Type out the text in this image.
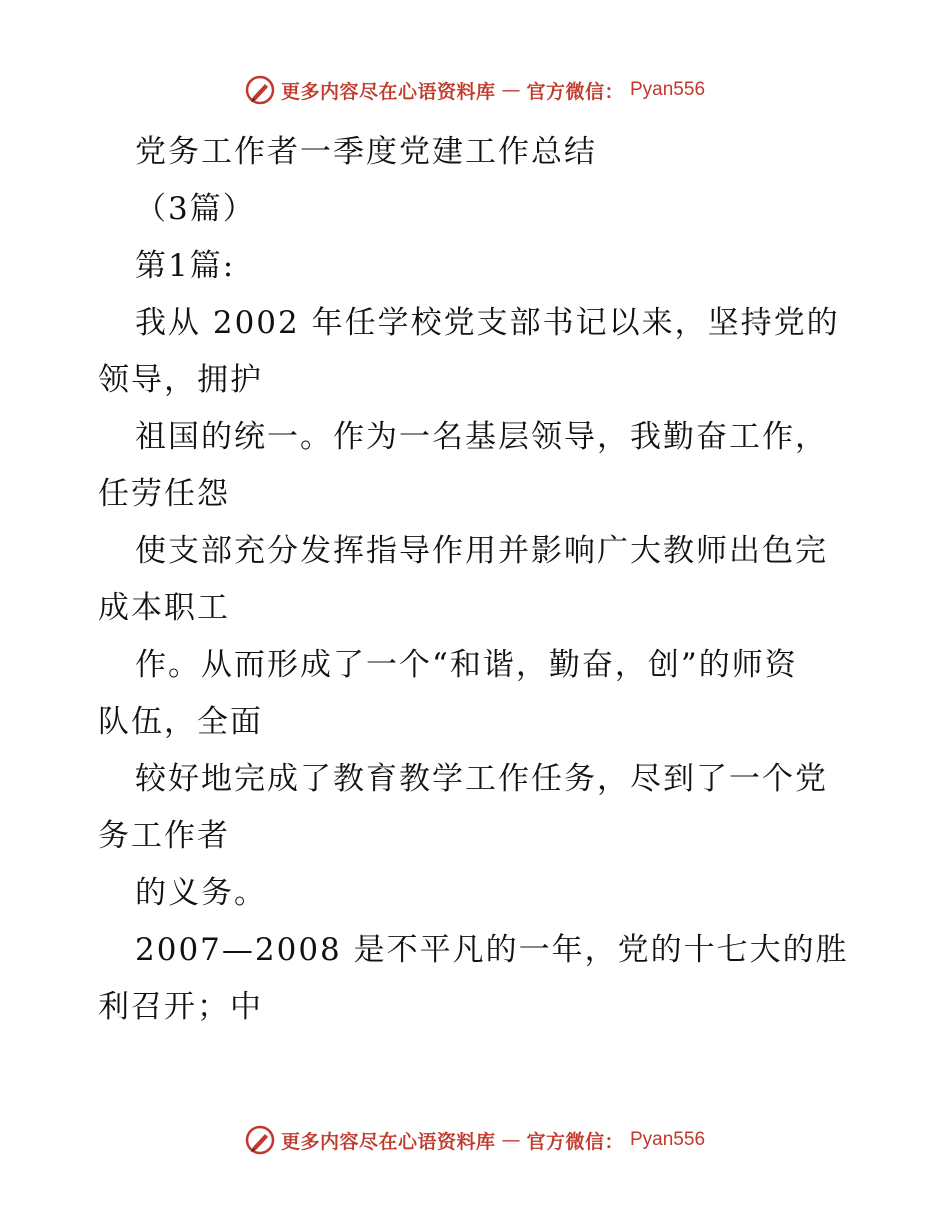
更多内容尽在心语资料库 — 官方微信： Pyan556
党务工作者一季度党建工作总结
（3篇）
第1篇:
我从 2002 年任学校党支部书记以来，坚持党的
领导，拥护
祖国的统一。作为一名基层领导，我勤奋工作，
任劳任怨
使支部充分发挥指导作用并影响广大教师出色完
成本职工
作。从而形成了一个“和谐，勤奋，创”的师资
队伍，全面
较好地完成了教育教学工作任务，尽到了一个党
务工作者
的义务。
2007—2008 是不平凡的一年，党的十七大的胜
利召开；中
更多内容尽在心语资料库 — 官方微信： Pyan556
